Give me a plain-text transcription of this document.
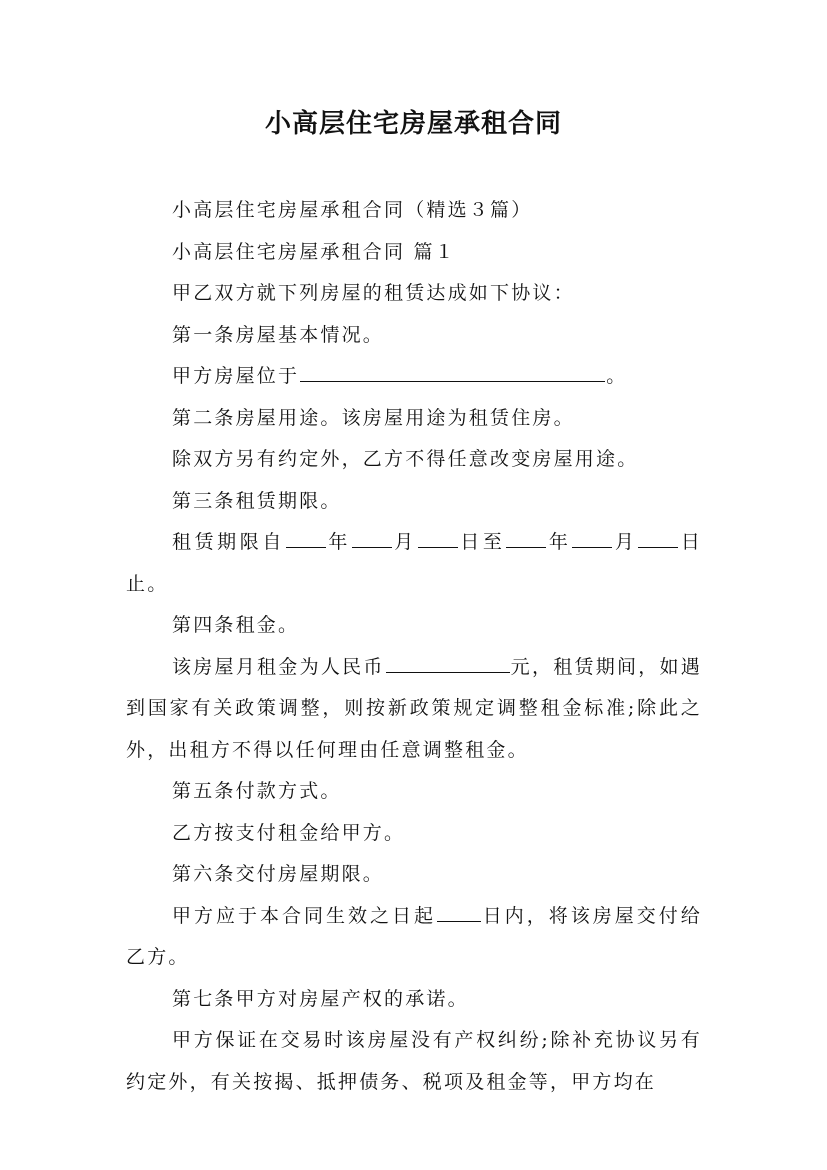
小高层住宅房屋承租合同

小高层住宅房屋承租合同（精选３篇）

小高层住宅房屋承租合同 篇１

甲乙双方就下列房屋的租赁达成如下协议：

第一条房屋基本情况。

甲方房屋位于	。

第二条房屋用途。该房屋用途为租赁住房。

除双方另有约定外，乙方不得任意改变房屋用途。

第三条租赁期限。

租赁期限自 年 月 日至 年 月 日止。

第四条租金。

该房屋月租金为人民币	元，租赁期间，如遇到国家有关政策调整，则按新政策规定调整租金标准;除此之外，出租方不得以任何理由任意调整租金。

第五条付款方式。

乙方按支付租金给甲方。

第六条交付房屋期限。

甲方应于本合同生效之日起 日内，将该房屋交付给乙方。

第七条甲方对房屋产权的承诺。

甲方保证在交易时该房屋没有产权纠纷;除补充协议另有约定外，有关按揭、抵押债务、税项及租金等，甲方均在
